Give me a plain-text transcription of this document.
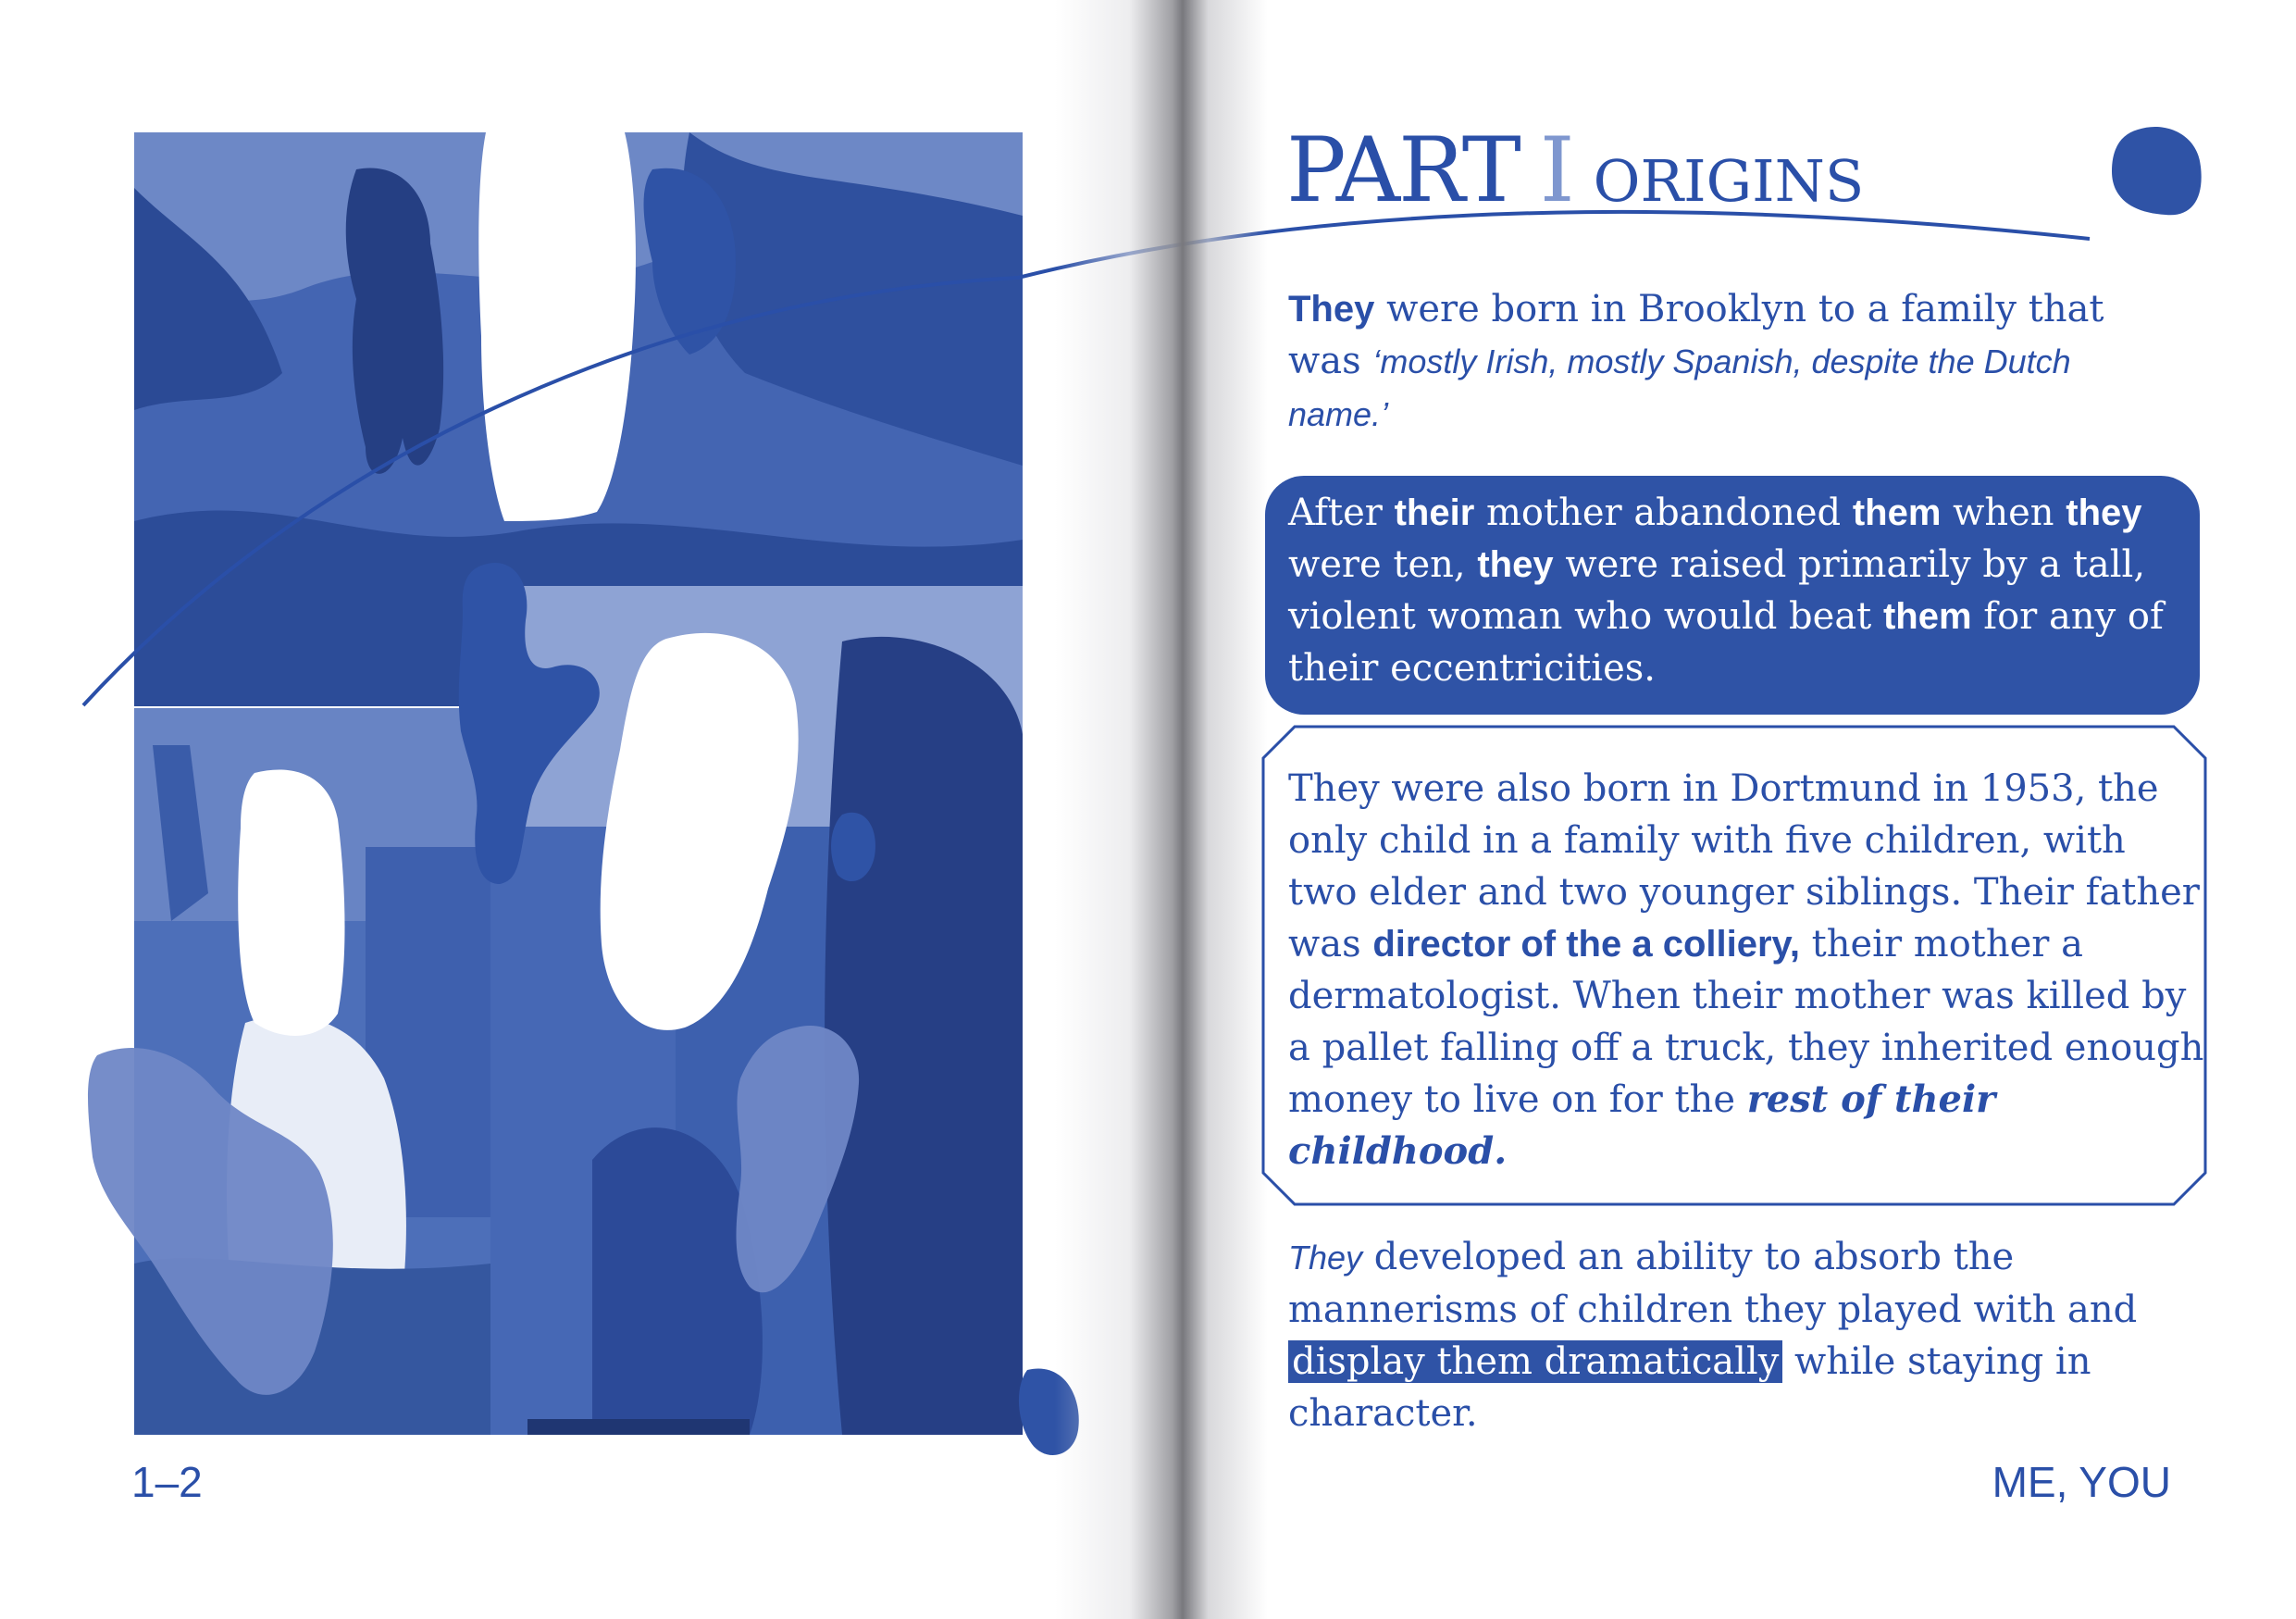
PART I ORIGINS
They were born in Brooklyn to a family that was ‘mostly Irish, mostly Spanish, despite the Dutch name.’
After their mother abandoned them when they were ten, they were raised primarily by a tall, violent woman who would beat them for any of their eccentricities.
They were also born in Dortmund in 1953, the only child in a family with five children, with two elder and two younger siblings. Their father was director of the a colliery, their mother a dermatologist. When their mother was killed by a pallet falling off a truck, they inherited enough money to live on for the rest of their childhood.
They developed an ability to absorb the mannerisms of children they played with and display them dramatically while staying in character.
1–2	ME, YOU
